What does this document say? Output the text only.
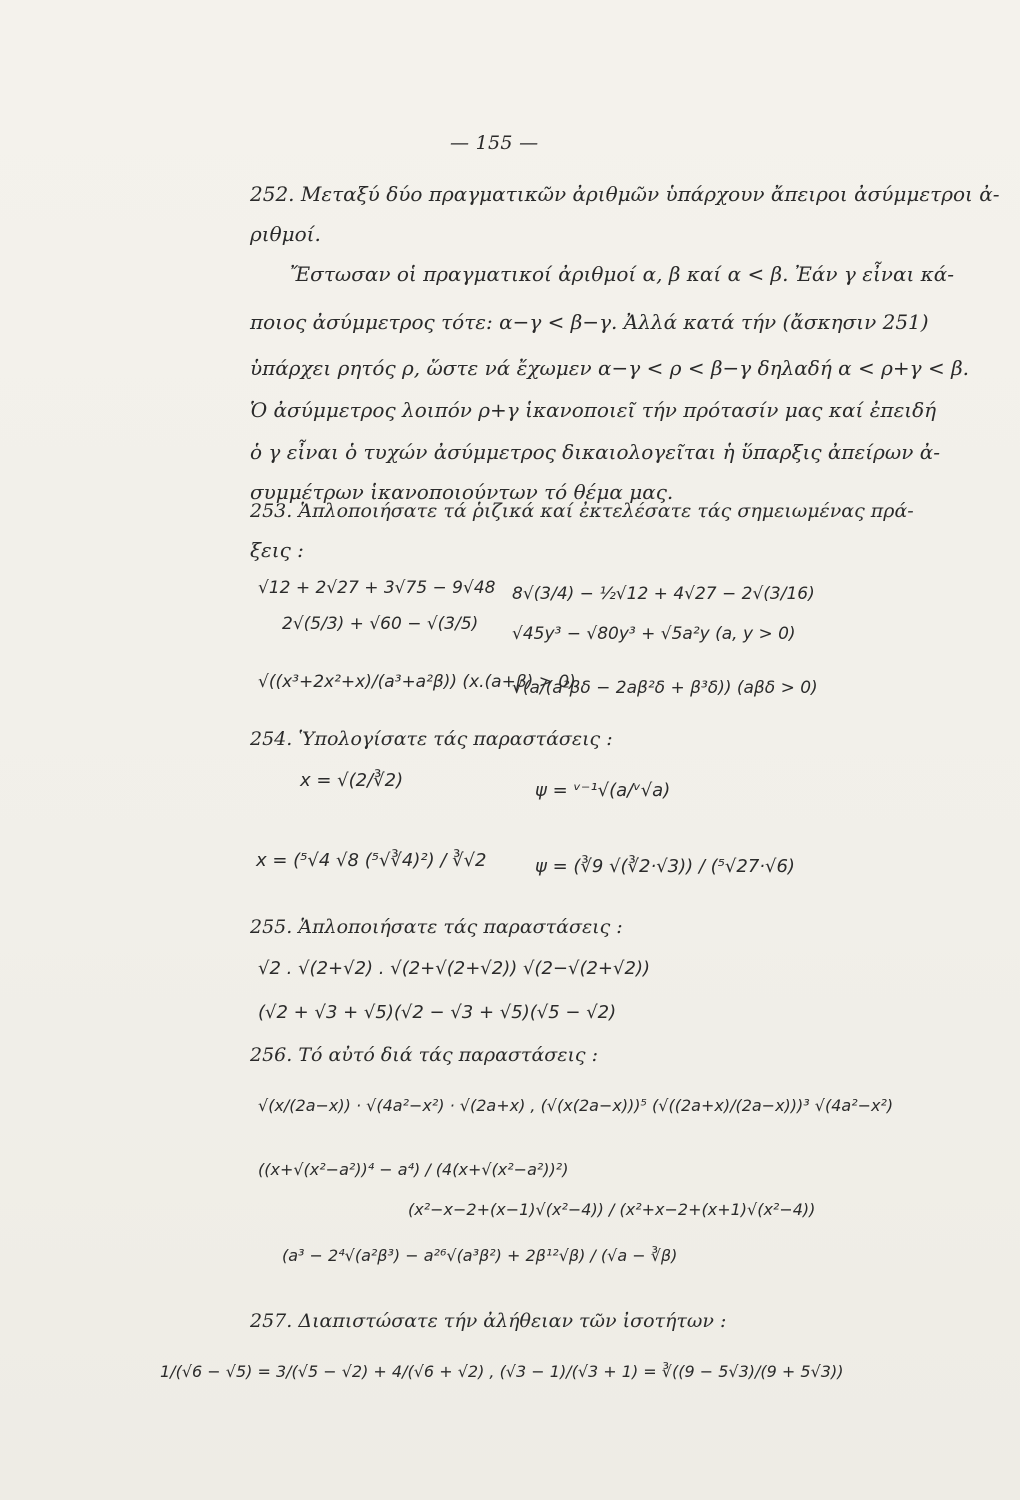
— 155 —
252. Μεταξύ δύο πραγματικῶν ἀριθμῶν ὑπάρχουν ἄπειροι ἀσύμμετροι ἀ-
ριθμοί.
Ἔστωσαν οἱ πραγματικοί ἀριθμοί α, β καί α < β. Ἐάν γ εἶναι κά-
ποιος ἀσύμμετρος τότε: α−γ < β−γ. Ἀλλά κατά τήν (ἄσκησιν 251)
ὑπάρχει ρητός ρ, ὥστε νά ἔχωμεν α−γ < ρ < β−γ δηλαδή α < ρ+γ < β.
Ὁ ἀσύμμετρος λοιπόν ρ+γ ἱκανοποιεῖ τήν πρότασίν μας καί ἐπειδή
ὁ γ εἶναι ὁ τυχών ἀσύμμετρος δικαιολογεῖται ἡ ὕπαρξις ἀπείρων ἀ-
συμμέτρων ἱκανοποιούντων τό θέμα μας.
253. Ἁπλοποιήσατε τά ῥιζικά καί ἐκτελέσατε τάς σημειωμένας πρά-
ξεις :
√12 + 2√27 + 3√75 − 9√48
2√(5/3) + √60 − √(3/5)
√((x³+2x²+x)/(a³+a²β)) (x.(a+β) > 0)
8√(3/4) − ½√12 + 4√27 − 2√(3/16)
√45y³ − √80y³ + √5a²y (a, y > 0)
√(a/(a²βδ − 2aβ²δ + β³δ)) (aβδ > 0)
254. Ὑπολογίσατε τάς παραστάσεις :
x = √(2/∛2)	ψ = ᵛ⁻¹√(a/ᵛ√a)
x = (⁵√4 √8 (⁵√∛4)²) / ∛√2	ψ = (∛9 √(∛2·√3)) / (⁵√27·√6)
255. Ἁπλοποιήσατε τάς παραστάσεις :
√2 . √(2+√2) . √(2+√(2+√2)) √(2−√(2+√2))
(√2 + √3 + √5)(√2 − √3 + √5)(√5 − √2)
256. Τό αὐτό διά τάς παραστάσεις :
√(x/(2a−x)) · √(4a²−x²) · √(2a+x) , (√(x(2a−x)))⁵ (√((2a+x)/(2a−x)))³ √(4a²−x²)
((x+√(x²−a²))⁴ − a⁴) / (4(x+√(x²−a²))²)
(x²−x−2+(x−1)√(x²−4)) / (x²+x−2+(x+1)√(x²−4))
(a³ − 2⁴√(a²β³) − a²⁶√(a³β²) + 2β¹²√β) / (√a − ∛β)
257. Διαπιστώσατε τήν ἀλήθειαν τῶν ἰσοτήτων :
1/(√6 − √5) = 3/(√5 − √2) + 4/(√6 + √2) , (√3 − 1)/(√3 + 1) = ∛((9 − 5√3)/(9 + 5√3))
